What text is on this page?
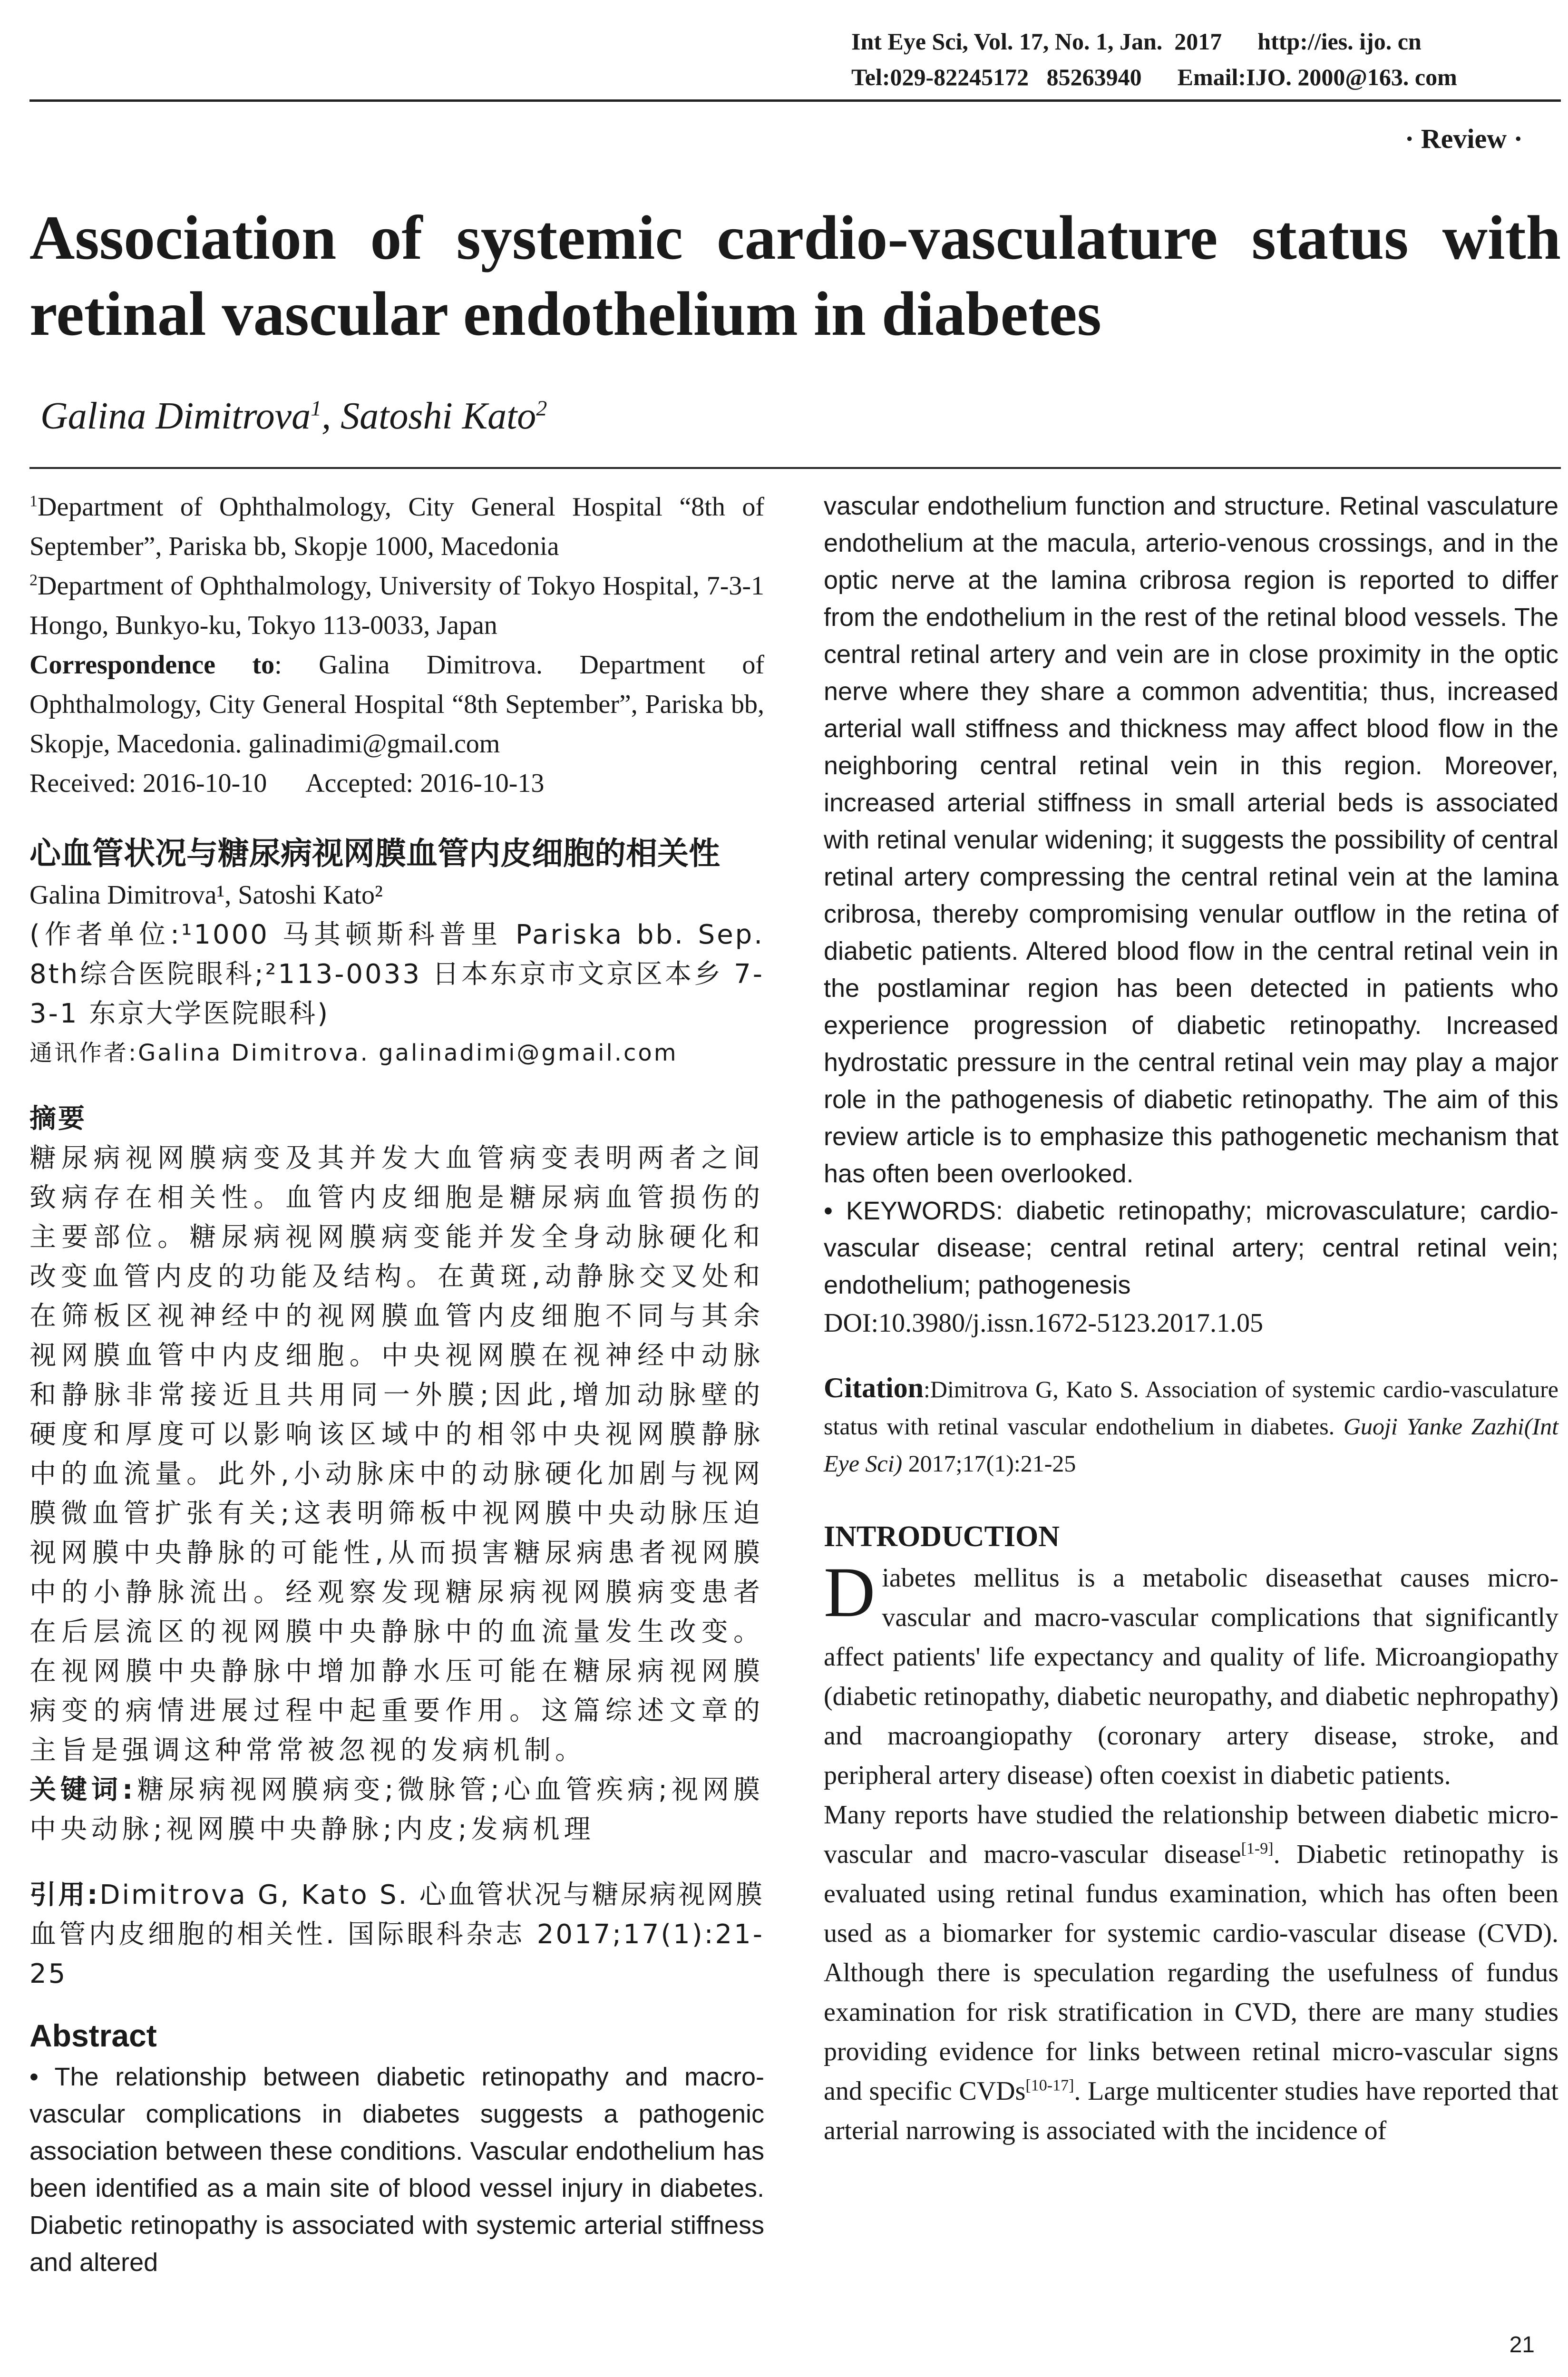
Int Eye Sci, Vol. 17, No. 1, Jan.  2017      http://ies. ijo. cn
Tel:029-82245172   85263940      Email:IJO. 2000@163. com
· Review ·
Association of systemic cardio-vasculature status with retinal vascular endothelium in diabetes
Galina Dimitrova$^1$, Satoshi Kato$^2$

$^1$Department of Ophthalmology, City General Hospital “8th of September”, Pariska bb, Skopje 1000, Macedonia

$^2$Department of Ophthalmology, University of Tokyo Hospital, 7-3-1 Hongo, Bunkyo-ku, Tokyo 113-0033, Japan

Correspondence to: Galina Dimitrova. Department of Ophthalmology, City General Hospital “8th September”, Pariska bb, Skopje, Macedonia. galinadimi@gmail.com

Received: 2016-10-10      Accepted: 2016-10-13

心血管状况与糖尿病视网膜血管内皮细胞的相关性

Galina Dimitrova¹, Satoshi Kato²

(作者单位:¹1000 马其顿斯科普里 Pariska bb. Sep. 8th综合医院眼科;²113-0033 日本东京市文京区本乡 7-3-1 东京大学医院眼科)

通讯作者:Galina Dimitrova. galinadimi@gmail.com

摘要

糖尿病视网膜病变及其并发大血管病变表明两者之间致病存在相关性。血管内皮细胞是糖尿病血管损伤的主要部位。糖尿病视网膜病变能并发全身动脉硬化和改变血管内皮的功能及结构。在黄斑,动静脉交叉处和在筛板区视神经中的视网膜血管内皮细胞不同与其余视网膜血管中内皮细胞。中央视网膜在视神经中动脉和静脉非常接近且共用同一外膜;因此,增加动脉壁的硬度和厚度可以影响该区域中的相邻中央视网膜静脉中的血流量。此外,小动脉床中的动脉硬化加剧与视网膜微血管扩张有关;这表明筛板中视网膜中央动脉压迫视网膜中央静脉的可能性,从而损害糖尿病患者视网膜中的小静脉流出。经观察发现糖尿病视网膜病变患者在后层流区的视网膜中央静脉中的血流量发生改变。在视网膜中央静脉中增加静水压可能在糖尿病视网膜病变的病情进展过程中起重要作用。这篇综述文章的主旨是强调这种常常被忽视的发病机制。

关键词:糖尿病视网膜病变;微脉管;心血管疾病;视网膜中央动脉;视网膜中央静脉;内皮;发病机理

引用:Dimitrova G, Kato S. 心血管状况与糖尿病视网膜血管内皮细胞的相关性. 国际眼科杂志 2017;17(1):21-25

Abstract

• The relationship between diabetic retinopathy and macro-vascular complications in diabetes suggests a pathogenic association between these conditions. Vascular endothelium has been identified as a main site of blood vessel injury in diabetes. Diabetic retinopathy is associated with systemic arterial stiffness and altered

vascular endothelium function and structure. Retinal vasculature endothelium at the macula, arterio-venous crossings, and in the optic nerve at the lamina cribrosa region is reported to differ from the endothelium in the rest of the retinal blood vessels. The central retinal artery and vein are in close proximity in the optic nerve where they share a common adventitia; thus, increased arterial wall stiffness and thickness may affect blood flow in the neighboring central retinal vein in this region. Moreover, increased arterial stiffness in small arterial beds is associated with retinal venular widening; it suggests the possibility of central retinal artery compressing the central retinal vein at the lamina cribrosa, thereby compromising venular outflow in the retina of diabetic patients. Altered blood flow in the central retinal vein in the postlaminar region has been detected in patients who experience progression of diabetic retinopathy. Increased hydrostatic pressure in the central retinal vein may play a major role in the pathogenesis of diabetic retinopathy. The aim of this review article is to emphasize this pathogenetic mechanism that has often been overlooked.

• KEYWORDS: diabetic retinopathy; microvasculature; cardio-vascular disease; central retinal artery; central retinal vein; endothelium; pathogenesis

DOI:10.3980/j.issn.1672-5123.2017.1.05

Citation:Dimitrova G, Kato S. Association of systemic cardio-vasculature status with retinal vascular endothelium in diabetes. Guoji Yanke Zazhi(Int Eye Sci) 2017;17(1):21-25

INTRODUCTION

Diabetes mellitus is a metabolic diseasethat causes micro-vascular and macro-vascular complications that significantly affect patients' life expectancy and quality of life. Microangiopathy (diabetic retinopathy, diabetic neuropathy, and diabetic nephropathy) and macroangiopathy (coronary artery disease, stroke, and peripheral artery disease) often coexist in diabetic patients.

Many reports have studied the relationship between diabetic micro-vascular and macro-vascular disease[1-9]. Diabetic retinopathy is evaluated using retinal fundus examination, which has often been used as a biomarker for systemic cardio-vascular disease (CVD). Although there is speculation regarding the usefulness of fundus examination for risk stratification in CVD, there are many studies providing evidence for links between retinal micro-vascular signs and specific CVDs[10-17]. Large multicenter studies have reported that arterial narrowing is associated with the incidence of

21
